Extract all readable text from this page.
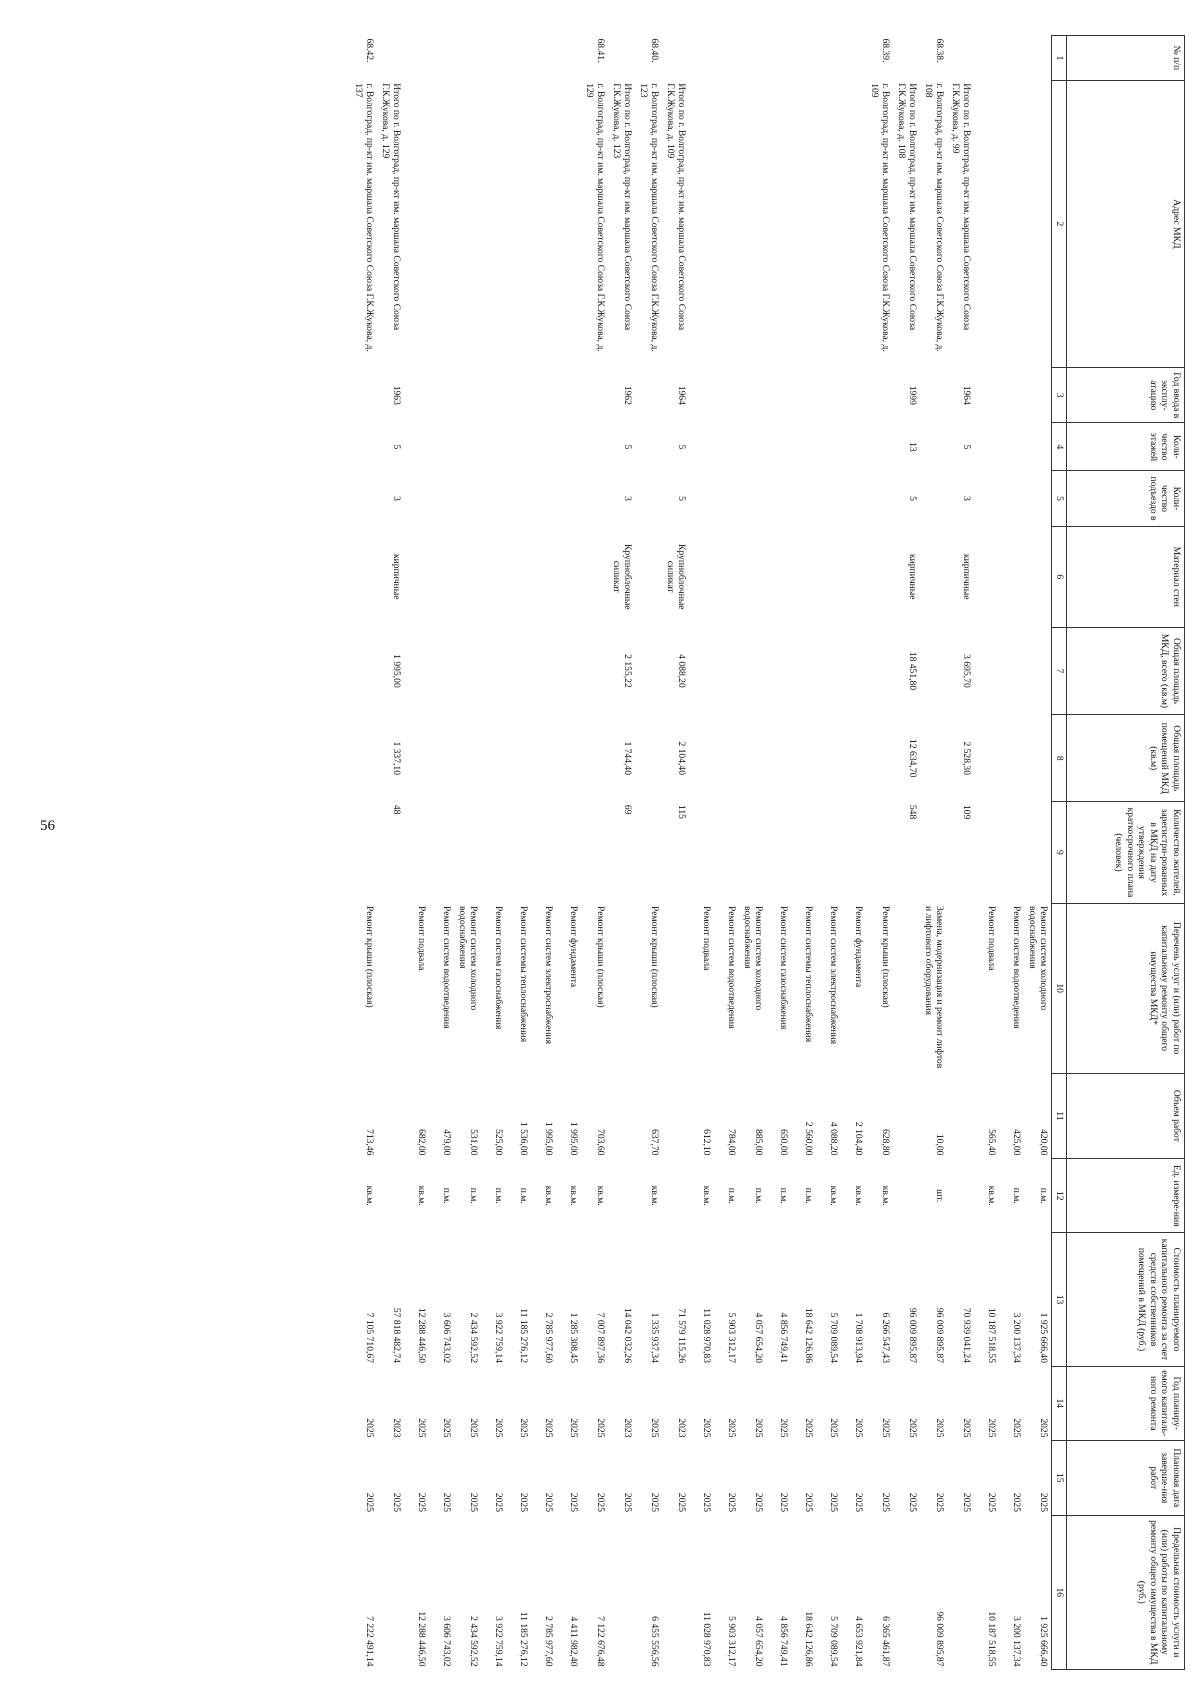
56
№ п/п	Адрес МКД	Год ввода в эксплу-атацию	Коли-чество этажей	Коли-чество подъездо в	Материал стен	Общая площадь МКД, всего (кв.м)	Общая площадь помещений МКД (кв.м)	Количество жителей, зарегистри-рованных в МКД на дату утверждения краткосрочного плана (человек)	Перечень услуг и (или) работ по капитальному ремонту общего имущества МКД*	Объем работ	Ед. измере-ния	Стоимость планируемого капитального ремонта за счет средств собственников помещений в МКД (руб.)	Год планиру-емого капиталь-ного ремонта	Плановая дата заверше-ния работ	Предельная стоимость услуги и (или) работы по капитальному ремонту общего имущества в МКД (руб.)
1	2	3	4	5	6	7	8	9	10	11	12	13	14	15	16
									Ремонт систем холодного водоснабжения	420,00	п.м.	1 925 666,40	2025	2025	1 925 666,40
									Ремонт систем водоотведения	425,00	п.м.	3 200 137,34	2025	2025	3 200 137,34
									Ремонт подвала	565,40	кв.м.	10 187 518,55	2025	2025	10 187 518,55
	Итого по г. Волгоград, пр-кт им. маршала Советского Союза Г.К.Жукова, д. 99	1964	5	3	кирпичные	3 695,70	2 528,30	109				70 939 041,24	2025	2025	
68.38.	г. Волгоград, пр-кт им. маршала Советского Союза Г.К.Жукова, д. 108								Замена, модернизация и ремонт лифтов и лифтового оборудования	10,00	шт.	96 009 895,87	2025	2025	96 009 895,87
	Итого по г. Волгоград, пр-кт им. маршала Советского Союза Г.К.Жукова, д. 108	1999	13	5	кирпичные	18 451,80	12 634,70	548				96 009 895,87	2025	2025	
68.39.	г. Волгоград, пр-кт им. маршала Советского Союза Г.К.Жукова, д. 109								Ремонт крыши (плоская)	628,80	кв.м.	6 266 547,43	2025	2025	6 365 461,87
									Ремонт фундамента	2 104,40	кв.м.	1 708 913,94	2025	2025	4 653 921,84
									Ремонт систем электроснабжения	4 088,20	кв.м.	5 709 089,54	2025	2025	5 709 089,54
									Ремонт системы теплоснабжения	2 560,00	п.м.	18 642 126,86	2025	2025	18 642 126,86
									Ремонт систем газоснабжения	650,00	п.м.	4 856 749,41	2025	2025	4 856 749,41
									Ремонт систем холодного водоснабжения	885,00	п.м.	4 057 654,20	2025	2025	4 057 654,20
									Ремонт систем водоотведения	784,00	п.м.	5 903 312,17	2025	2025	5 903 312,17
									Ремонт подвала	612,10	кв.м.	11 028 970,83	2025	2025	11 028 970,83
	Итого по г. Волгоград, пр-кт им. маршала Советского Союза Г.К.Жукова, д. 109	1964	5	5	Крупноблочные силикат	4 088,20	2 104,40	115				71 579 115,26	2023	2025	
68.40.	г. Волгоград, пр-кт им. маршала Советского Союза Г.К.Жукова, д. 123								Ремонт крыши (плоская)	637,70	кв.м.	1 335 937,34	2025	2025	6 455 556,56
	Итого по г. Волгоград, пр-кт им. маршала Советского Союза Г.К.Жукова, д. 123	1962	5	3	Крупноблочные силикат	2 155,22	1 744,40	69				14 042 032,26	2023	2025	
68.41.	г. Волгоград, пр-кт им. маршала Советского Союза Г.К.Жукова, д. 129								Ремонт крыши (плоская)	703,60	кв.м.	7 007 897,36	2025	2025	7 122 676,48
									Ремонт фундамента	1 995,00	кв.м.	1 285 308,45	2025	2025	4 411 982,40
									Ремонт систем электроснабжения	1 995,00	кв.м.	2 785 977,60	2025	2025	2 785 977,60
									Ремонт системы теплоснабжения	1 536,00	п.м.	11 185 276,12	2025	2025	11 185 276,12
									Ремонт систем газоснабжения	525,00	п.м.	3 922 759,14	2025	2025	3 922 759,14
									Ремонт систем холодного водоснабжения	531,00	п.м.	2 434 592,52	2025	2025	2 434 592,52
									Ремонт систем водоотведения	479,00	п.м.	3 606 743,02	2025	2025	3 606 743,02
									Ремонт подвала	682,00	кв.м.	12 288 446,50	2025	2025	12 288 446,50
	Итого по г. Волгоград, пр-кт им. маршала Советского Союза Г.К.Жукова, д. 129	1963	5	3	кирпичные	1 995,00	1 337,10	48				57 818 482,74	2023	2025	
68.42.	г. Волгоград, пр-кт им. маршала Советского Союза Г.К.Жукова, д. 137								Ремонт крыши (плоская)	713,46	кв.м.	7 105 710,67	2025	2025	7 222 491,14
